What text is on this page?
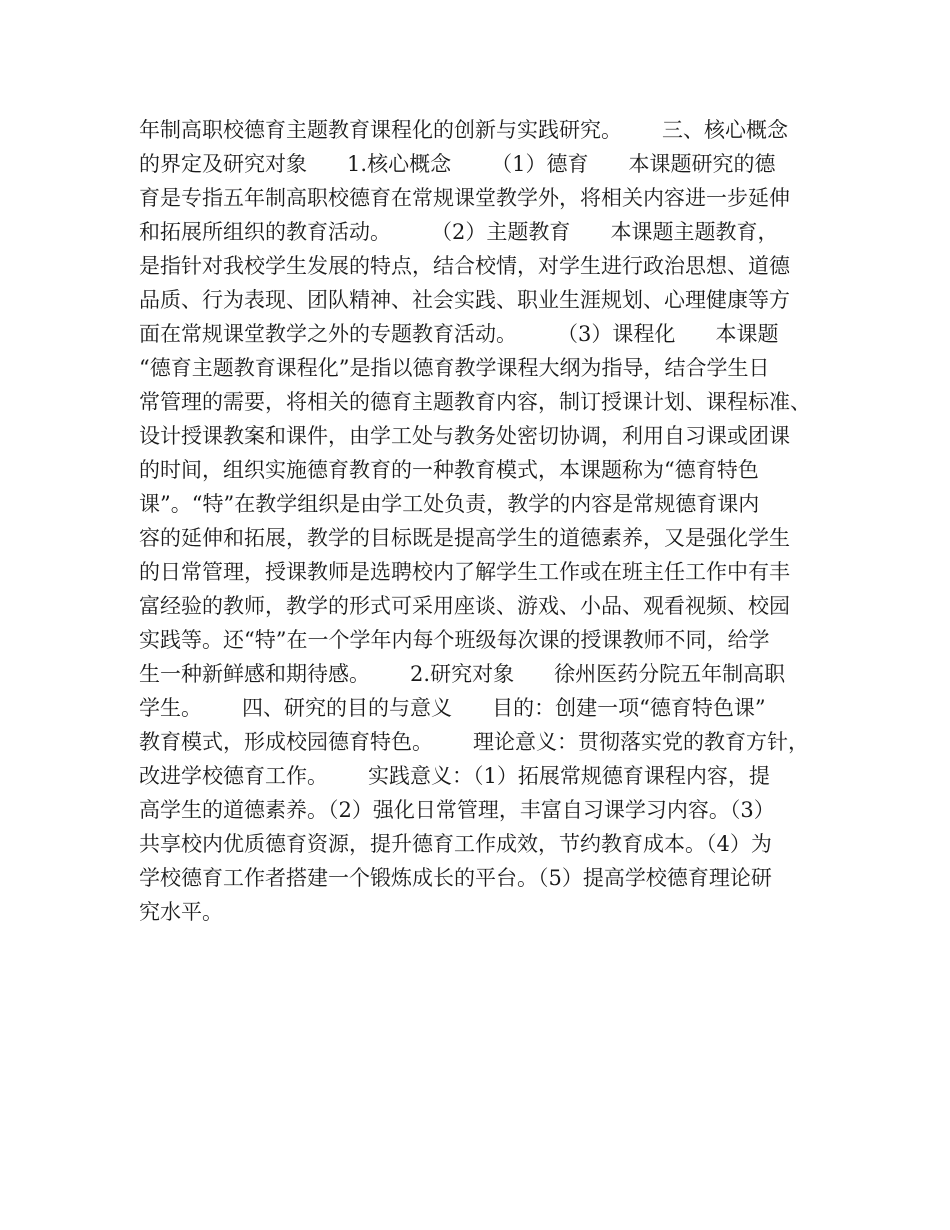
年制高职校德育主题教育课程化的创新与实践研究。      三、核心概念
的界定及研究对象      1.核心概念      （1）德育      本课题研究的德
育是专指五年制高职校德育在常规课堂教学外，将相关内容进一步延伸
和拓展所组织的教育活动。      （2）主题教育      本课题主题教育，
是指针对我校学生发展的特点，结合校情，对学生进行政治思想、道德
品质、行为表现、团队精神、社会实践、职业生涯规划、心理健康等方
面在常规课堂教学之外的专题教育活动。      （3）课程化      本课题
“德育主题教育课程化”是指以德育教学课程大纲为指导，结合学生日
常管理的需要，将相关的德育主题教育内容，制订授课计划、课程标准、
设计授课教案和课件，由学工处与教务处密切协调，利用自习课或团课
的时间，组织实施德育教育的一种教育模式，本课题称为“德育特色
课”。“特”在教学组织是由学工处负责，教学的内容是常规德育课内
容的延伸和拓展，教学的目标既是提高学生的道德素养，又是强化学生
的日常管理，授课教师是选聘校内了解学生工作或在班主任工作中有丰
富经验的教师，教学的形式可采用座谈、游戏、小品、观看视频、校园
实践等。还“特”在一个学年内每个班级每次课的授课教师不同，给学
生一种新鲜感和期待感。      2.研究对象      徐州医药分院五年制高职
学生。      四、研究的目的与意义      目的：创建一项“德育特色课”
教育模式，形成校园德育特色。      理论意义：贯彻落实党的教育方针，
改进学校德育工作。      实践意义：（1）拓展常规德育课程内容，提
高学生的道德素养。（2）强化日常管理，丰富自习课学习内容。（3）
共享校内优质德育资源，提升德育工作成效，节约教育成本。（4）为
学校德育工作者搭建一个锻炼成长的平台。（5）提高学校德育理论研
究水平。
